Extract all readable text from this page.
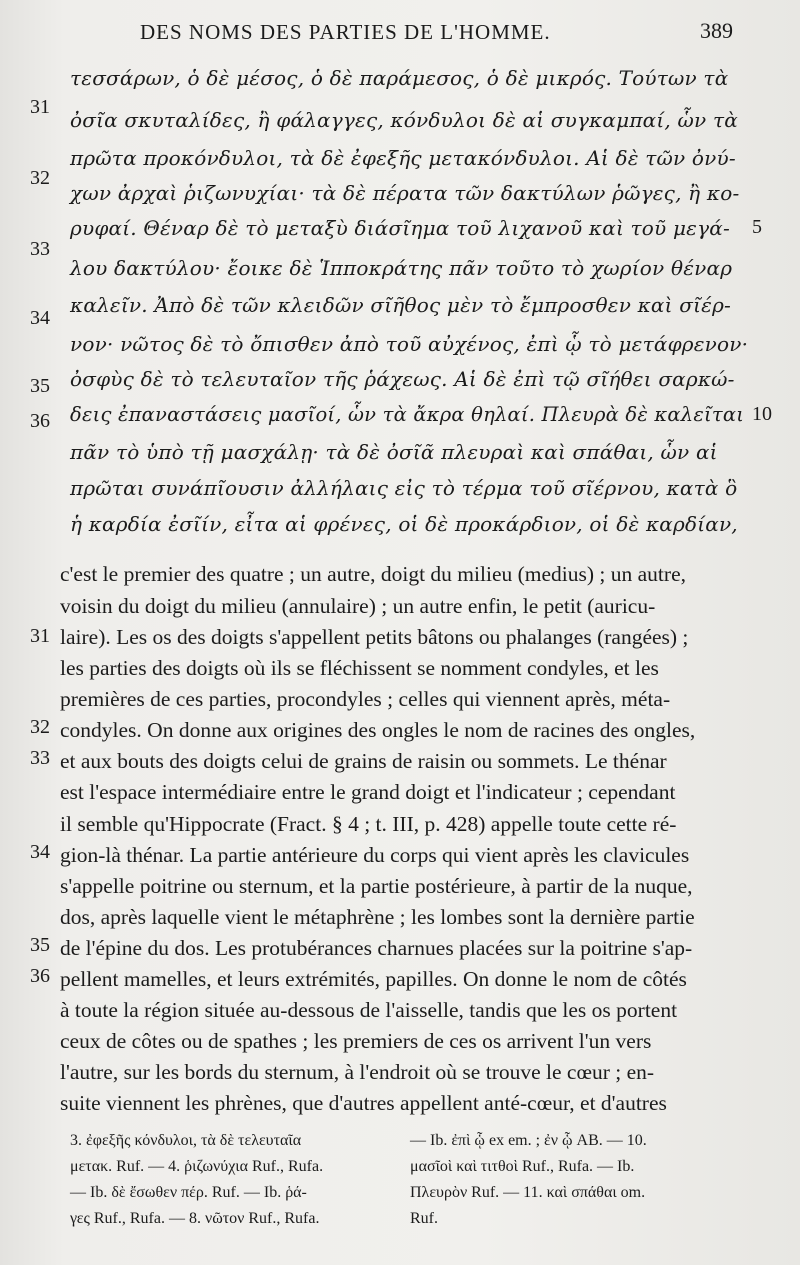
DES NOMS DES PARTIES DE L'HOMME.	389
τεσσάρων, ὁ δὲ μέσος, ὁ δὲ παράμεσος, ὁ δὲ μικρός. Τούτων τὰ
ὀσῖα σκυταλίδες, ἢ φάλαγγες, κόνδυλοι δὲ αἱ συγκαμπαί, ὧν τὰ
πρῶτα προκόνδυλοι, τὰ δὲ ἐφεξῆς μετακόνδυλοι. Αἱ δὲ τῶν ὀνύ-
χων ἀρχαὶ ῥιζωνυχίαι· τὰ δὲ πέρατα τῶν δακτύλων ῥῶγες, ἢ κο-
ρυφαί. Θέναρ δὲ τὸ μεταξὺ διάσῖημα τοῦ λιχανοῦ καὶ τοῦ μεγά-
λου δακτύλου· ἔοικε δὲ Ἱπποκράτης πᾶν τοῦτο τὸ χωρίον θέναρ
καλεῖν. Ἀπὸ δὲ τῶν κλειδῶν σῖῆθος μὲν τὸ ἔμπροσθεν καὶ σῖέρ-
νον· νῶτος δὲ τὸ ὄπισθεν ἀπὸ τοῦ αὐχένος, ἐπὶ ᾧ τὸ μετάφρενον·
ὀσφὺς δὲ τὸ τελευταῖον τῆς ῥάχεως. Αἱ δὲ ἐπὶ τῷ σῖήθει σαρκώ-
δεις ἐπαναστάσεις μασῖοί, ὧν τὰ ἄκρα θηλαί. Πλευρὰ δὲ καλεῖται
πᾶν τὸ ὑπὸ τῇ μασχάλῃ· τὰ δὲ ὀσῖᾶ πλευραὶ καὶ σπάθαι, ὧν αἱ
πρῶται συνάπῖουσιν ἀλλήλαις εἰς τὸ τέρμα τοῦ σῖέρνου, κατὰ ὃ
ἡ καρδία ἐσῖίν, εἶτα αἱ φρένες, οἱ δὲ προκάρδιον, οἱ δὲ καρδίαν,
31
32
33
34
35
36
5
10
c'est le premier des quatre ; un autre, doigt du milieu (medius) ; un autre,
voisin du doigt du milieu (annulaire) ; un autre enfin, le petit (auricu-
laire). Les os des doigts s'appellent petits bâtons ou phalanges (rangées) ;
les parties des doigts où ils se fléchissent se nomment condyles, et les
premières de ces parties, procondyles ; celles qui viennent après, méta-
condyles. On donne aux origines des ongles le nom de racines des ongles,
et aux bouts des doigts celui de grains de raisin ou sommets. Le thénar
est l'espace intermédiaire entre le grand doigt et l'indicateur ; cependant
il semble qu'Hippocrate (Fract. § 4 ; t. III, p. 428) appelle toute cette ré-
gion-là thénar. La partie antérieure du corps qui vient après les clavicules
s'appelle poitrine ou sternum, et la partie postérieure, à partir de la nuque,
dos, après laquelle vient le métaphrène ; les lombes sont la dernière partie
de l'épine du dos. Les protubérances charnues placées sur la poitrine s'ap-
pellent mamelles, et leurs extrémités, papilles. On donne le nom de côtés
à toute la région située au-dessous de l'aisselle, tandis que les os portent
ceux de côtes ou de spathes ; les premiers de ces os arrivent l'un vers
l'autre, sur les bords du sternum, à l'endroit où se trouve le cœur ; en-
suite viennent les phrènes, que d'autres appellent anté-cœur, et d'autres
31
32
33
34
35
36
3. ἐφεξῆς κόνδυλοι, τὰ δὲ τελευταῖα
μετακ. Ruf. — 4. ῥιζωνύχια Ruf., Rufa.
— Ib. δὲ ἔσωθεν πέρ. Ruf. — Ib. ῥά-
γες Ruf., Rufa. — 8. νῶτον Ruf., Rufa.
— Ib. ἐπὶ ᾧ ex em. ; ἐν ᾧ AB. — 10.
μασῖοὶ καὶ τιτθοὶ Ruf., Rufa. — Ib.
Πλευρὸν Ruf. — 11. καὶ σπάθαι om.
Ruf.
